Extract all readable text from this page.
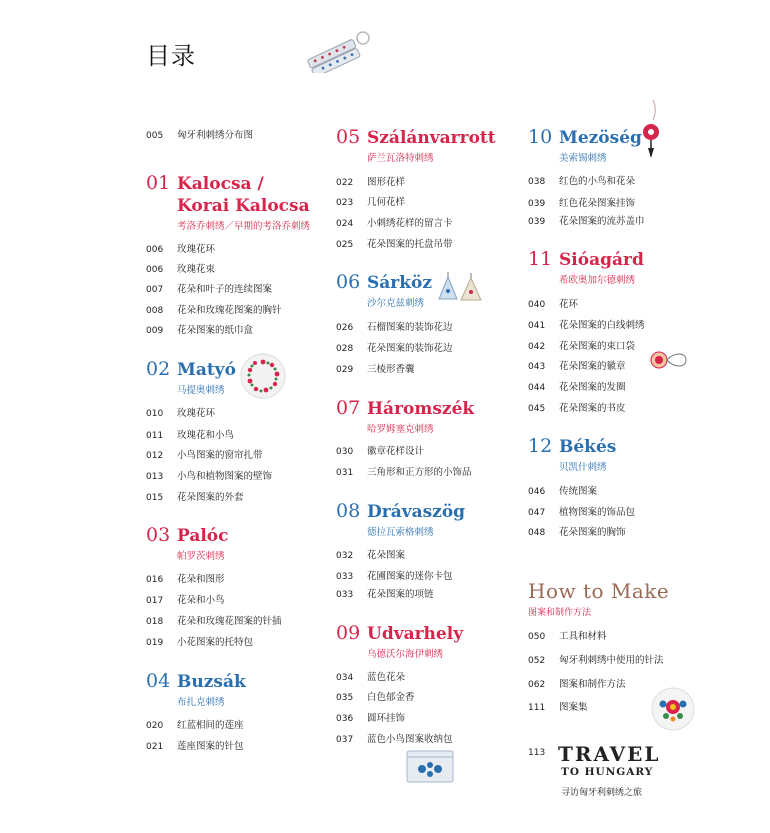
目录
005 匈牙利刺绣分布图
01 Kalocsa /
Korai Kalocsa
考洛乔刺绣／早期的考洛乔刺绣
006 玫瑰花环
006 玫瑰花束
007 花朵和叶子的连续图案
008 花朵和玫瑰花图案的胸针
009 花朵图案的纸巾盒
02 Matyó
马提奥刺绣
010 玫瑰花环
011 玫瑰花和小鸟
012 小鸟图案的窗帘扎带
013 小鸟和植物图案的壁饰
015 花朵图案的外套
03 Palóc
帕罗茨刺绣
016 花朵和图形
017 花朵和小鸟
018 花朵和玫瑰花图案的针插
019 小花图案的托特包
04 Buzsák
布扎克刺绣
020 红蓝相间的莲座
021 莲座图案的针包
05 Szálánvarrott
萨兰瓦洛特刺绣
022 图形花样
023 几何花样
024 小刺绣花样的留言卡
025 花朵图案的托盘吊带
06 Sárköz
沙尔克兹刺绣
026 石榴图案的装饰花边
028 花朵图案的装饰花边
029 三棱形香囊
07 Háromszék
哈罗姆塞克刺绣
030 徽章花样设计
031 三角形和正方形的小饰品
08 Drávaszög
德拉瓦索格刺绣
032 花朵图案
033 花圃图案的迷你卡包
033 花朵图案的项链
09 Udvarhely
乌德沃尔海伊刺绣
034 蓝色花朵
035 白色郁金香
036 圆环挂饰
037 蓝色小鸟图案收纳包
10 Mezöség
美索锡刺绣
038 红色的小鸟和花朵
039 红色花朵图案挂饰
039 花朵图案的流苏盖巾
11 Sióagárd
希欧奥加尔德刺绣
040 花环
041 花朵图案的白线刺绣
042 花朵图案的束口袋
043 花朵图案的徽章
044 花朵图案的发圈
045 花朵图案的书皮
12 Békés
贝凯什刺绣
046 传统图案
047 植物图案的饰品包
048 花朵图案的胸饰
How to Make
图案和制作方法
050 工具和材料
052 匈牙利刺绣中使用的针法
062 图案和制作方法
111 图案集
113 TRAVEL
TO HUNGARY
寻访匈牙利刺绣之旅
